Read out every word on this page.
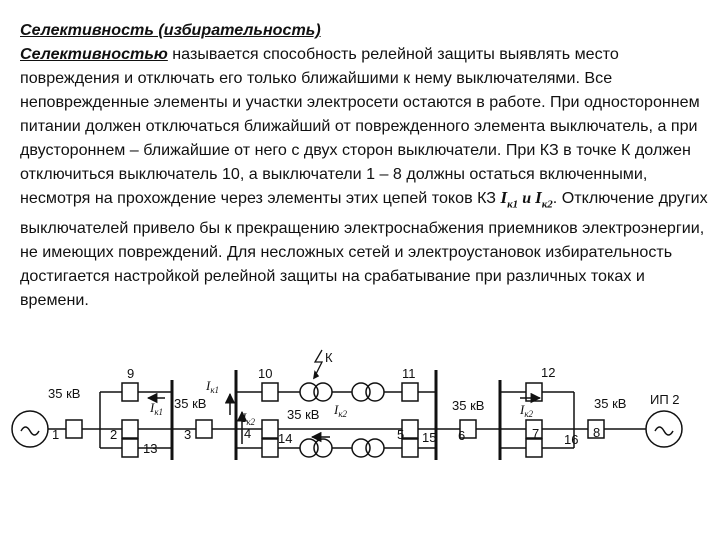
Селективность (избирательность)
Селективностью называется способность релейной защиты выявлять место повреждения и отключать его только ближайшими к нему выключателями. Все неповрежденные элементы и участки электросети остаются в работе. При одностороннем питании должен отключаться ближайший от поврежденного элемента выключатель, а при двустороннем – ближайшие от него с двух сторон выключатели. При КЗ в точке К должен отключиться выключатель 10, а выключатели 1 – 8 должны остаться включенными, несмотря на прохождение через элементы этих цепей токов КЗ $I_{к1}$ и $I_{к2}$. Отключение других выключателей привело бы к прекращению электроснабжения приемников электроэнергии, не имеющих повреждений. Для несложных сетей и электроустановок избирательность достигается настройкой релейной защиты на срабатывание при различных токах и времени.
35 кВ
35 кВ
35 кВ
35 кВ	35 кВ ИП 2
К
1
9
2
13
3
10
4 14
11
5 15 6
12
7 16 8
$I_{к1}$
$I_{к1}$
$I_{к2}$
$I_{к2}$	$I_{к2}$
